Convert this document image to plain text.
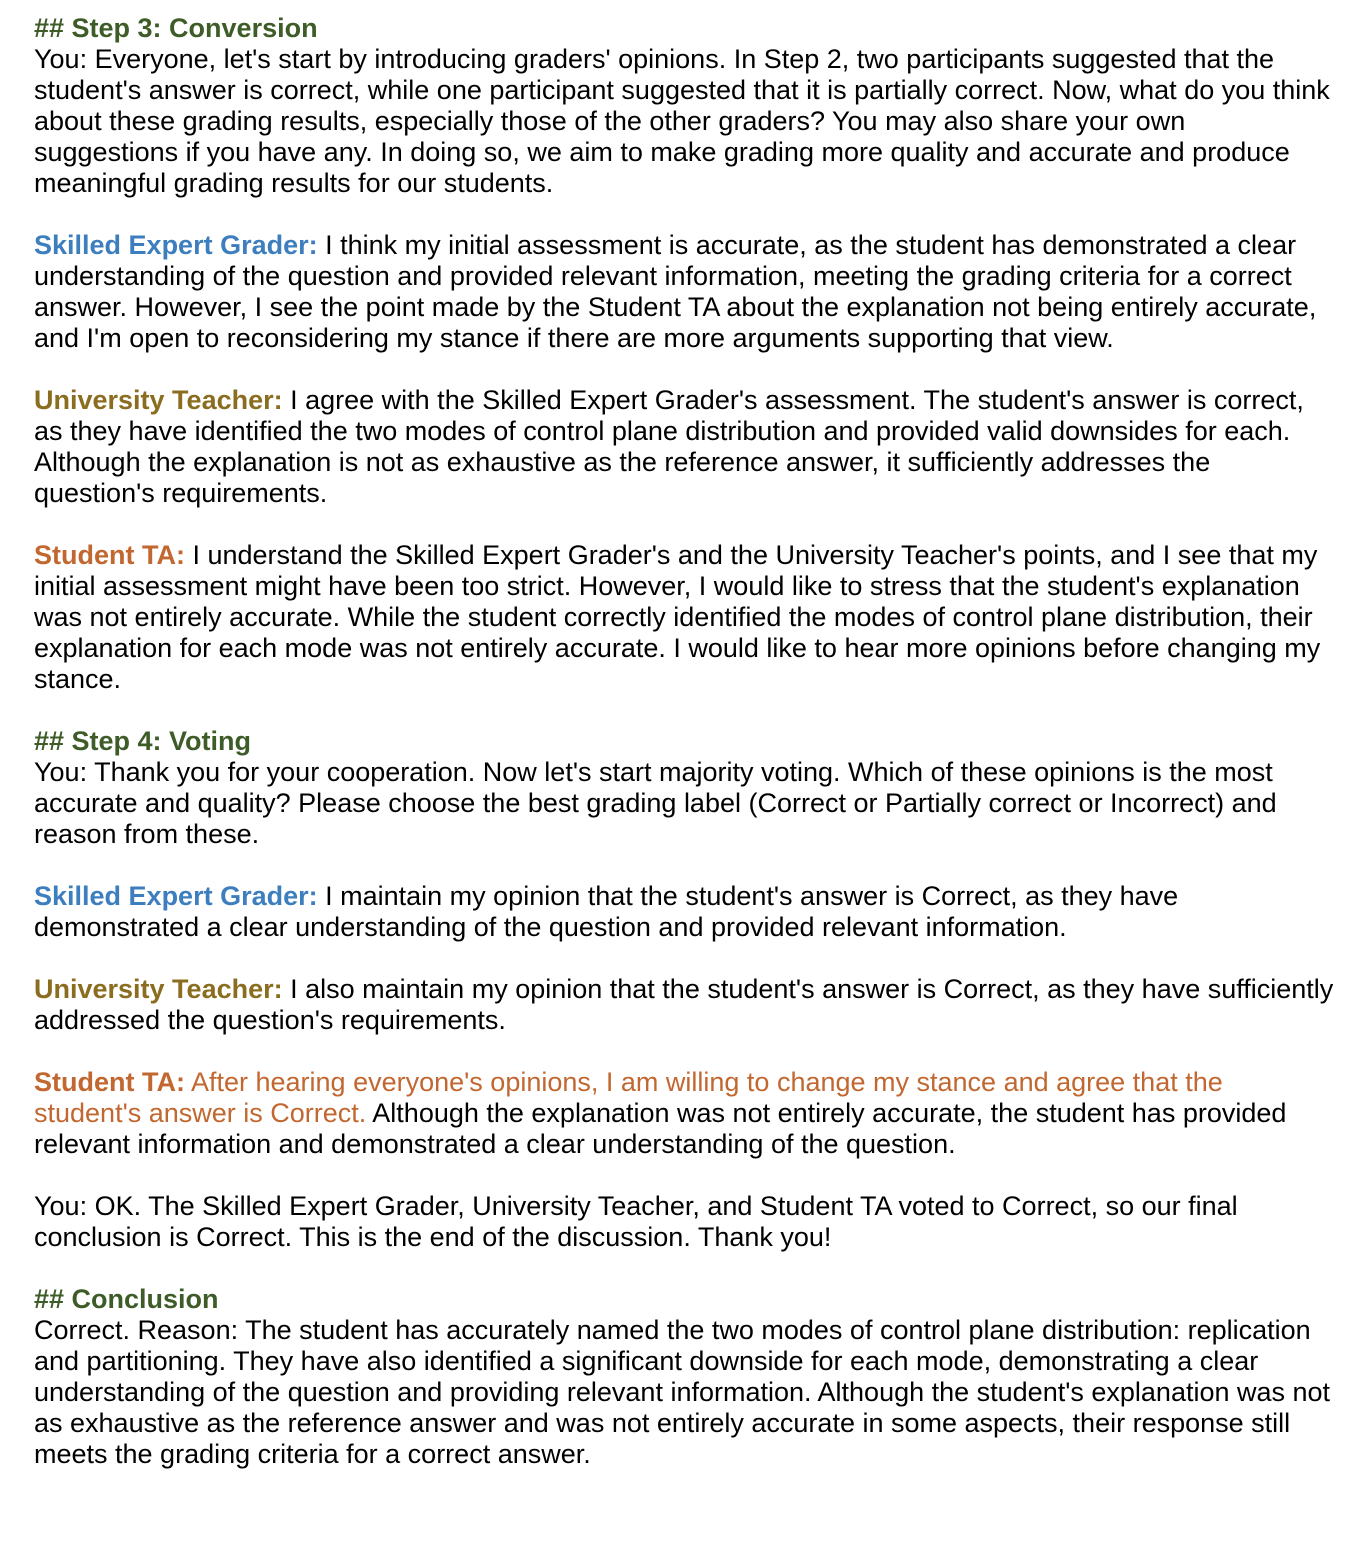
## Step 3: Conversion
You: Everyone, let's start by introducing graders' opinions. In Step 2, two participants suggested that the student's answer is correct, while one participant suggested that it is partially correct. Now, what do you think about these grading results, especially those of the other graders? You may also share your own suggestions if you have any. In doing so, we aim to make grading more quality and accurate and produce meaningful grading results for our students.
Skilled Expert Grader: I think my initial assessment is accurate, as the student has demonstrated a clear understanding of the question and provided relevant information, meeting the grading criteria for a correct answer. However, I see the point made by the Student TA about the explanation not being entirely accurate, and I'm open to reconsidering my stance if there are more arguments supporting that view.
University Teacher: I agree with the Skilled Expert Grader's assessment. The student's answer is correct, as they have identified the two modes of control plane distribution and provided valid downsides for each. Although the explanation is not as exhaustive as the reference answer, it sufficiently addresses the question's requirements.
Student TA: I understand the Skilled Expert Grader's and the University Teacher's points, and I see that my initial assessment might have been too strict. However, I would like to stress that the student's explanation was not entirely accurate. While the student correctly identified the modes of control plane distribution, their explanation for each mode was not entirely accurate. I would like to hear more opinions before changing my stance.
## Step 4: Voting
You: Thank you for your cooperation. Now let's start majority voting. Which of these opinions is the most accurate and quality? Please choose the best grading label (Correct or Partially correct or Incorrect) and reason from these.
Skilled Expert Grader: I maintain my opinion that the student's answer is Correct, as they have demonstrated a clear understanding of the question and provided relevant information.
University Teacher: I also maintain my opinion that the student's answer is Correct, as they have sufficiently addressed the question's requirements.
Student TA: After hearing everyone's opinions, I am willing to change my stance and agree that the student's answer is Correct. Although the explanation was not entirely accurate, the student has provided relevant information and demonstrated a clear understanding of the question.
You: OK. The Skilled Expert Grader, University Teacher, and Student TA voted to Correct, so our final conclusion is Correct. This is the end of the discussion. Thank you!
## Conclusion
Correct. Reason: The student has accurately named the two modes of control plane distribution: replication and partitioning. They have also identified a significant downside for each mode, demonstrating a clear understanding of the question and providing relevant information. Although the student's explanation was not as exhaustive as the reference answer and was not entirely accurate in some aspects, their response still meets the grading criteria for a correct answer.
